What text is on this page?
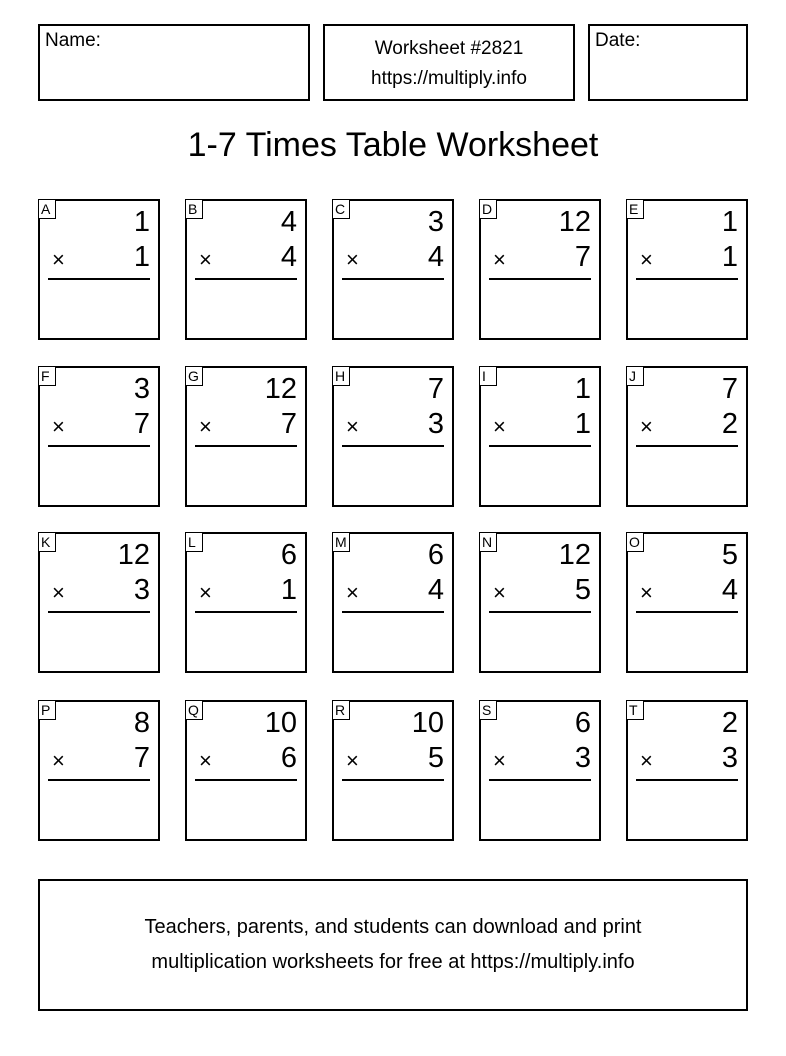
Name:	Worksheet #2821
https://multiply.info
Date:
1-7 Times Table Worksheet
A	1
× 1
B	4
× 4
C	3
× 4
D 12
× 7
E	1
× 1
F	3
× 7
G 12
× 7
H	7
× 3
I	1
× 1
J	7
× 2
K 12
× 3
L	6
× 1
M	6
× 4
N 12
× 5
O	5
× 4
P	8
× 7
Q 10
× 6
R 10
× 5
S	6
× 3
T	2
× 3
Teachers, parents, and students can download and print
multiplication worksheets for free at https://multiply.info
